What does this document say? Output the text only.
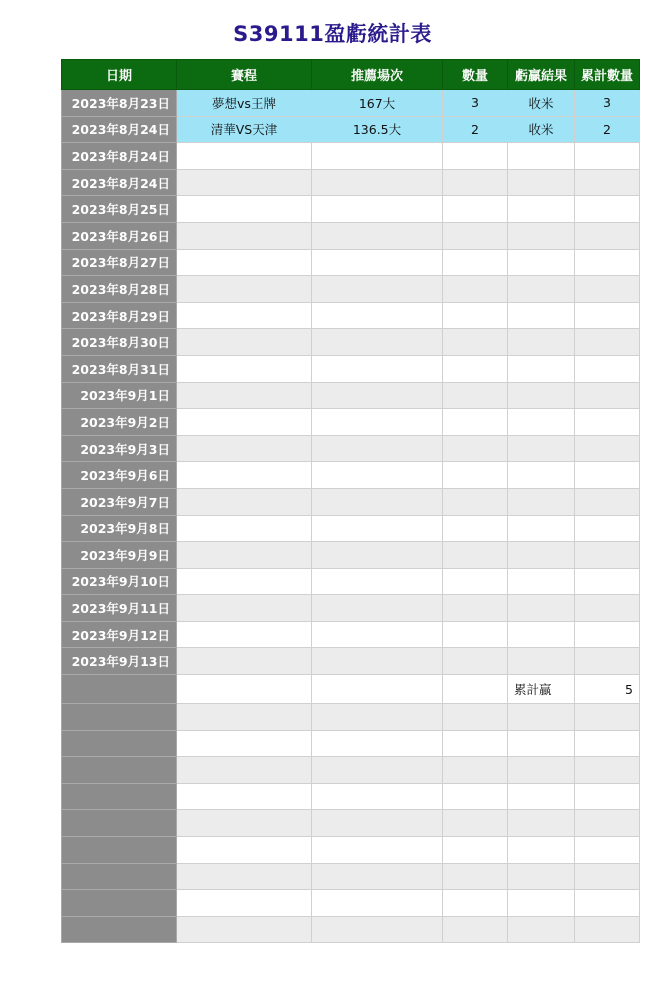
S39111盈虧統計表
日期	賽程	推薦場次	數量	虧贏結果	累計數量
2023年8月23日	夢想vs王牌	167大	3	收米	3
2023年8月24日	清華VS天津	136.5大	2	收米	2
2023年8月24日					
2023年8月24日					
2023年8月25日					
2023年8月26日					
2023年8月27日					
2023年8月28日					
2023年8月29日					
2023年8月30日					
2023年8月31日					
2023年9月1日					
2023年9月2日					
2023年9月3日					
2023年9月6日					
2023年9月7日					
2023年9月8日					
2023年9月9日					
2023年9月10日					
2023年9月11日					
2023年9月12日					
2023年9月13日					
				累計贏	5
